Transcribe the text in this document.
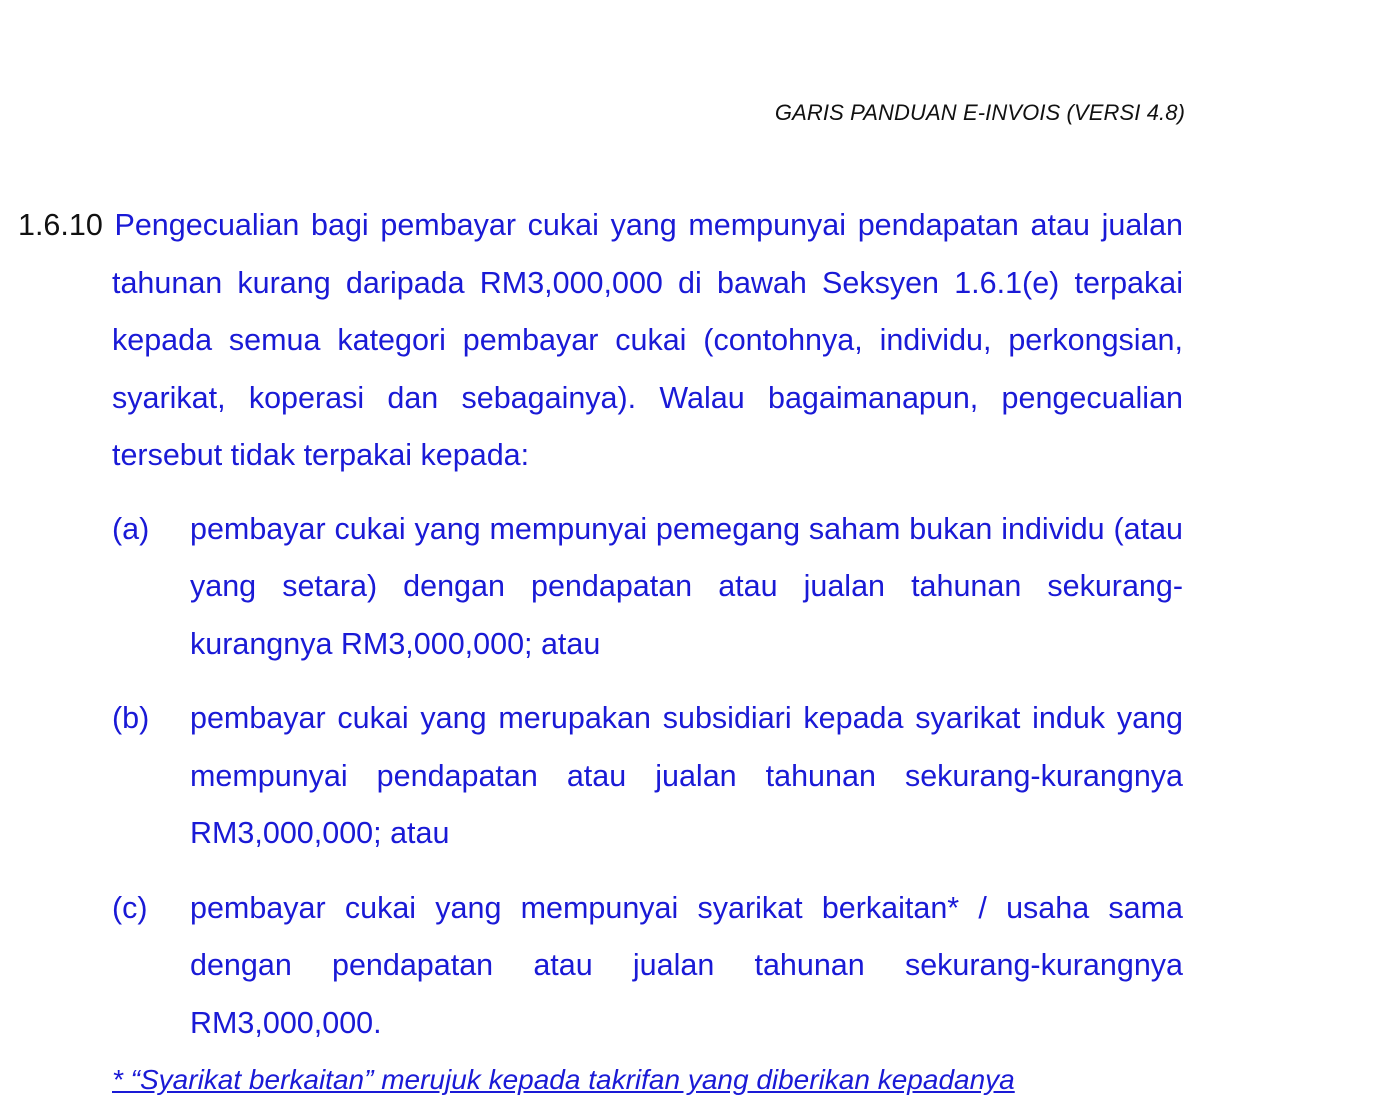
GARIS PANDUAN E-INVOIS (VERSI 4.8)

1.6.10 Pengecualian bagi pembayar cukai yang mempunyai pendapatan atau jualan tahunan kurang daripada RM3,000,000 di bawah Seksyen 1.6.1(e) terpakai kepada semua kategori pembayar cukai (contohnya, individu, perkongsian, syarikat, koperasi dan sebagainya). Walau bagaimanapun, pengecualian tersebut tidak terpakai kepada:

(a) pembayar cukai yang mempunyai pemegang saham bukan individu (atau yang setara) dengan pendapatan atau jualan tahunan sekurang-kurangnya RM3,000,000; atau
(b) pembayar cukai yang merupakan subsidiari kepada syarikat induk yang mempunyai pendapatan atau jualan tahunan sekurang-kurangnya RM3,000,000; atau
(c) pembayar cukai yang mempunyai syarikat berkaitan* / usaha sama dengan pendapatan atau jualan tahunan sekurang-kurangnya RM3,000,000.
* “Syarikat berkaitan” merujuk kepada takrifan yang diberikan kepadanya
